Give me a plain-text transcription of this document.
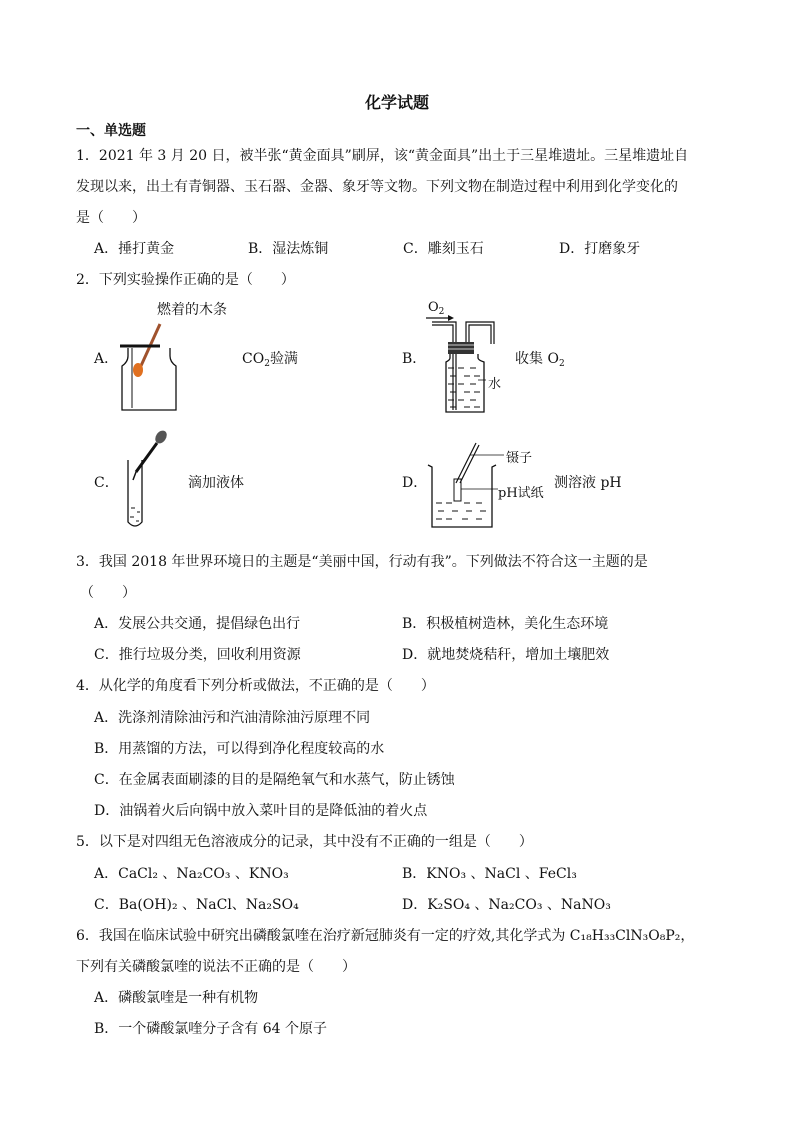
化学试题
一、单选题
1．2021 年 3 月 20 日，被半张“黄金面具”刷屏，该“黄金面具”出土于三星堆遗址。三星堆遗址自
发现以来，出土有青铜器、玉石器、金器、象牙等文物。下列文物在制造过程中利用到化学变化的
是（　　）
A．捶打黄金	B．湿法炼铜	C．雕刻玉石	D．打磨象牙
2．下列实验操作正确的是（　　）
A．
燃着的木条
$CO_2$验满	B．
$O_2$
水
收集 $O_2$
C．	滴加液体	D．
镊子
pH试纸
测溶液 pH
3．我国 2018 年世界环境日的主题是“美丽中国，行动有我”。下列做法不符合这一主题的是
（　　）
A．发展公共交通，提倡绿色出行	B．积极植树造林，美化生态环境
C．推行垃圾分类，回收利用资源	D．就地焚烧秸秆，增加土壤肥效
4．从化学的角度看下列分析或做法，不正确的是（　　）
A．洗涤剂清除油污和汽油清除油污原理不同
B．用蒸馏的方法，可以得到净化程度较高的水
C．在金属表面刷漆的目的是隔绝氧气和水蒸气，防止锈蚀
D．油锅着火后向锅中放入菜叶目的是降低油的着火点
5．以下是对四组无色溶液成分的记录，其中没有不正确的一组是（　　）
A．CaCl₂ 、Na₂CO₃ 、KNO₃	B．KNO₃ 、NaCl 、FeCl₃
C．Ba(OH)₂ 、NaCl、Na₂SO₄	D．K₂SO₄ 、Na₂CO₃ 、NaNO₃
6．我国在临床试验中研究出磷酸氯喹在治疗新冠肺炎有一定的疗效,其化学式为 C₁₈H₃₃ClN₃O₈P₂，
下列有关磷酸氯喹的说法不正确的是（　　）
A．磷酸氯喹是一种有机物
B．一个磷酸氯喹分子含有 64 个原子
